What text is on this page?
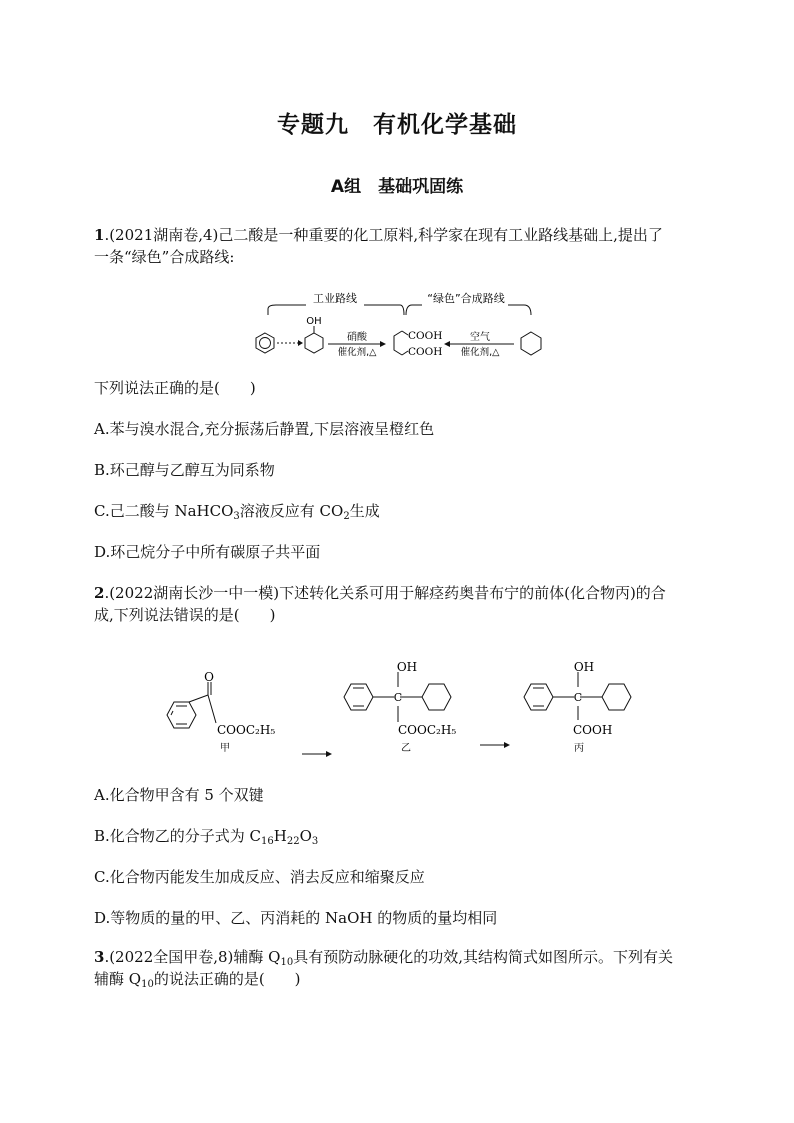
专题九　有机化学基础
A组　基础巩固练
1.(2021湖南卷,4)己二酸是一种重要的化工原料,科学家在现有工业路线基础上,提出了
一条“绿色”合成路线:
工业路线	“绿色”合成路线
OH
硝酸
催化剂,△
COOH
COOH
空气
催化剂,△
下列说法正确的是(　　)
A.苯与溴水混合,充分振荡后静置,下层溶液呈橙红色
B.环己醇与乙醇互为同系物
C.己二酸与 NaHCO$_3$溶液反应有 $CO_2$生成
D.环己烷分子中所有碳原子共平面
2.(2022湖南长沙一中一模)下述转化关系可用于解痉药奥昔布宁的前体(化合物丙)的合
成,下列说法错误的是(　　)
O
COOC₂H₅
甲
OH
C
COOC₂H₅
乙
OH
C
COOH
丙
A.化合物甲含有 5 个双键
B.化合物乙的分子式为 $C_{16}H_{22}O_3$
C.化合物丙能发生加成反应、消去反应和缩聚反应
D.等物质的量的甲、乙、丙消耗的 NaOH 的物质的量均相同
3.(2022全国甲卷,8)辅酶 $Q_{10}$具有预防动脉硬化的功效,其结构简式如图所示。下列有关
辅酶 $Q_{10}$的说法正确的是(　　)
